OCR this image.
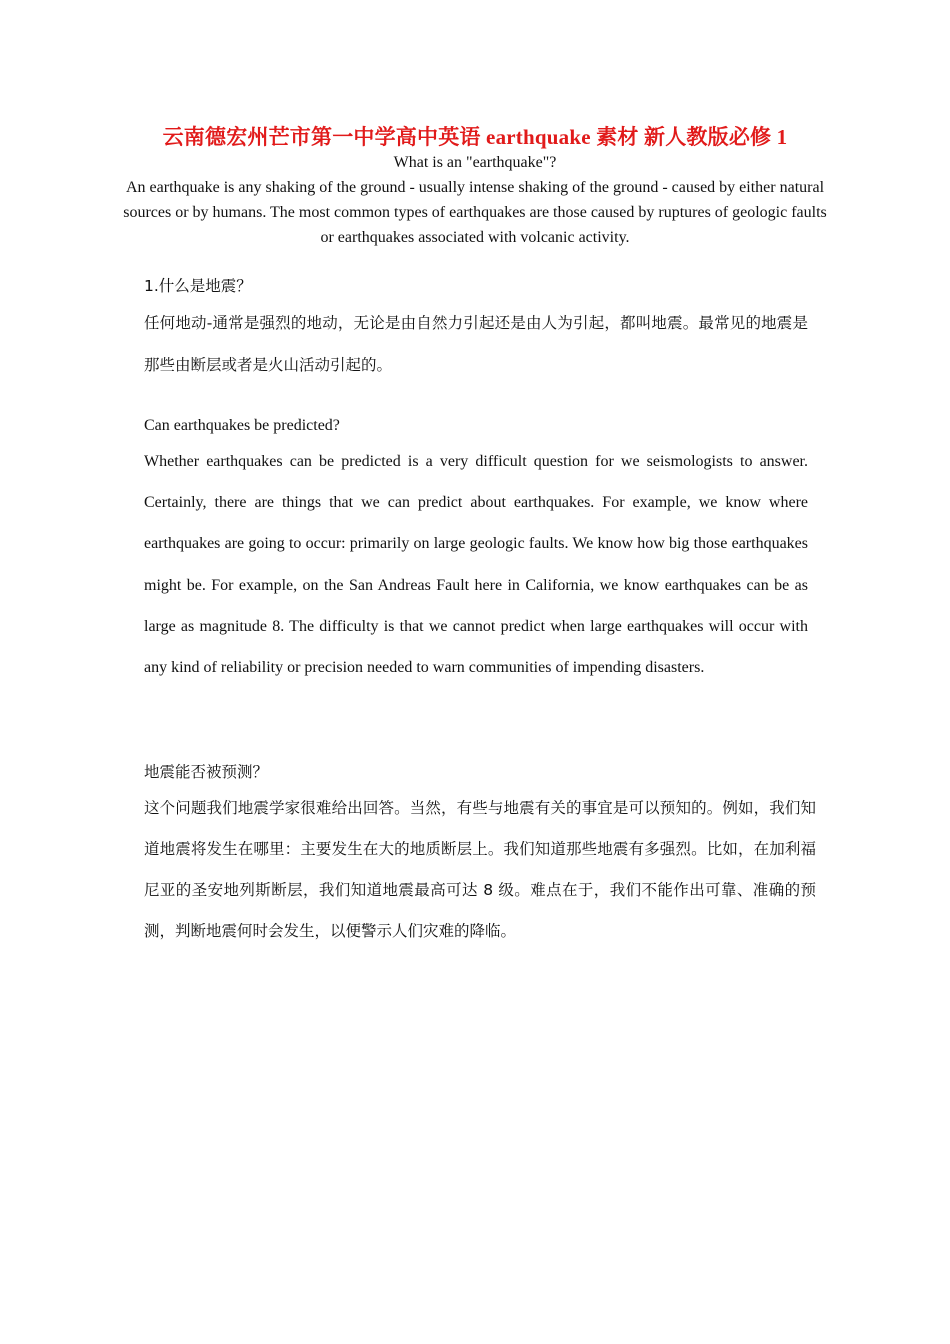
云南德宏州芒市第一中学高中英语 earthquake 素材 新人教版必修 1

What is an "earthquake"?

An earthquake is any shaking of the ground - usually intense shaking of the ground - caused by either natural sources or by humans. The most common types of earthquakes are those caused by ruptures of geologic faults or earthquakes associated with volcanic activity.

1.什么是地震？

任何地动-通常是强烈的地动，无论是由自然力引起还是由人为引起，都叫地震。最常见的地震是那些由断层或者是火山活动引起的。

Can earthquakes be predicted?

Whether earthquakes can be predicted is a very difficult question for we seismologists to answer. Certainly, there are things that we can predict about earthquakes. For example, we know where earthquakes are going to occur: primarily on large geologic faults. We know how big those earthquakes might be. For example, on the San Andreas Fault here in California, we know earthquakes can be as large as magnitude 8. The difficulty is that we cannot predict when large earthquakes will occur with any kind of reliability or precision needed to warn communities of impending disasters.

地震能否被预测？

这个问题我们地震学家很难给出回答。当然，有些与地震有关的事宜是可以预知的。例如，我们知道地震将发生在哪里：主要发生在大的地质断层上。我们知道那些地震有多强烈。比如，在加利福尼亚的圣安地列斯断层，我们知道地震最高可达 8 级。难点在于，我们不能作出可靠、准确的预测，判断地震何时会发生，以便警示人们灾难的降临。
